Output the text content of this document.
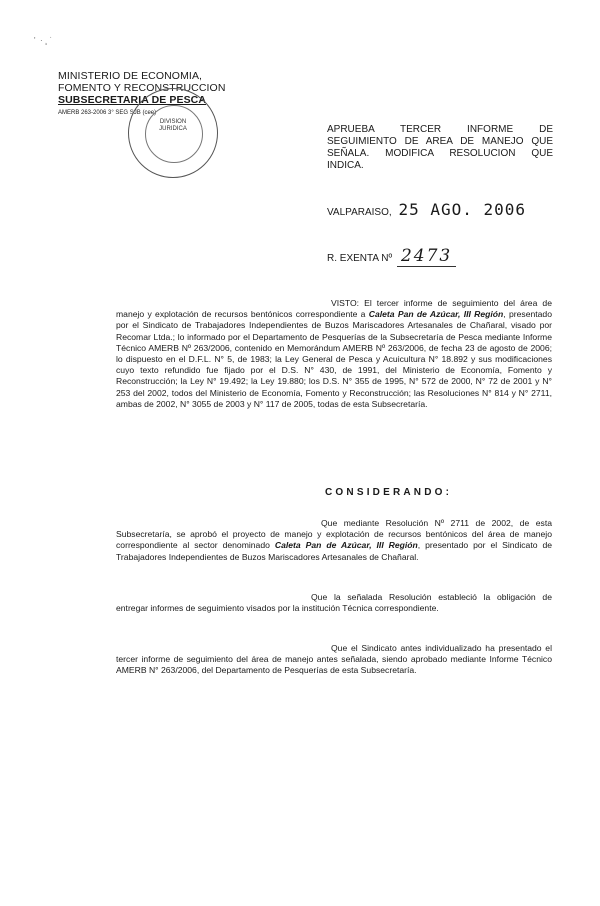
'  · ¸ ˙
MINISTERIO DE ECONOMIA,
FOMENTO Y RECONSTRUCCION
SUBSECRETARIA DE PESCA
AMERB 263-2006 3° SEG SJB (cee)
DIVISION JURIDICA	APRUEBA TERCER INFORME DE SEGUIMIENTO DE AREA DE MANEJO QUE SEÑALA. MODIFICA RESOLUCION QUE INDICA.
VALPARAISO, 25 AGO. 2006
R. EXENTA Nº 2473
VISTO: El tercer informe de seguimiento del área de manejo y explotación de recursos bentónicos correspondiente a Caleta Pan de Azúcar, III Región, presentado por el Sindicato de Trabajadores Independientes de Buzos Mariscadores Artesanales de Chañaral, visado por Recomar Ltda.; lo informado por el Departamento de Pesquerías de la Subsecretaría de Pesca mediante Informe Técnico AMERB Nº 263/2006, contenido en Memorándum AMERB Nº 263/2006, de fecha 23 de agosto de 2006; lo dispuesto en el D.F.L. N° 5, de 1983; la Ley General de Pesca y Acuicultura N° 18.892 y sus modificaciones cuyo texto refundido fue fijado por el D.S. N° 430, de 1991, del Ministerio de Economía, Fomento y Reconstrucción; la Ley N° 19.492; la Ley 19.880; los D.S. N° 355 de 1995, N° 572 de 2000, N° 72 de 2001 y N° 253 del 2002, todos del Ministerio de Economía, Fomento y Reconstrucción; las Resoluciones N° 814 y N° 2711, ambas de 2002, N° 3055 de 2003 y N° 117 de 2005, todas de esta Subsecretaría.
CONSIDERANDO:
Que mediante Resolución Nº 2711 de 2002, de esta Subsecretaría, se aprobó el proyecto de manejo y explotación de recursos bentónicos del área de manejo correspondiente al sector denominado Caleta Pan de Azúcar, III Región, presentado por el Sindicato de Trabajadores Independientes de Buzos Mariscadores Artesanales de Chañaral.
Que la señalada Resolución estableció la obligación de entregar informes de seguimiento visados por la institución Técnica correspondiente.
Que el Sindicato antes individualizado ha presentado el tercer informe de seguimiento del área de manejo antes señalada, siendo aprobado mediante Informe Técnico AMERB N° 263/2006, del Departamento de Pesquerías de esta Subsecretaría.
